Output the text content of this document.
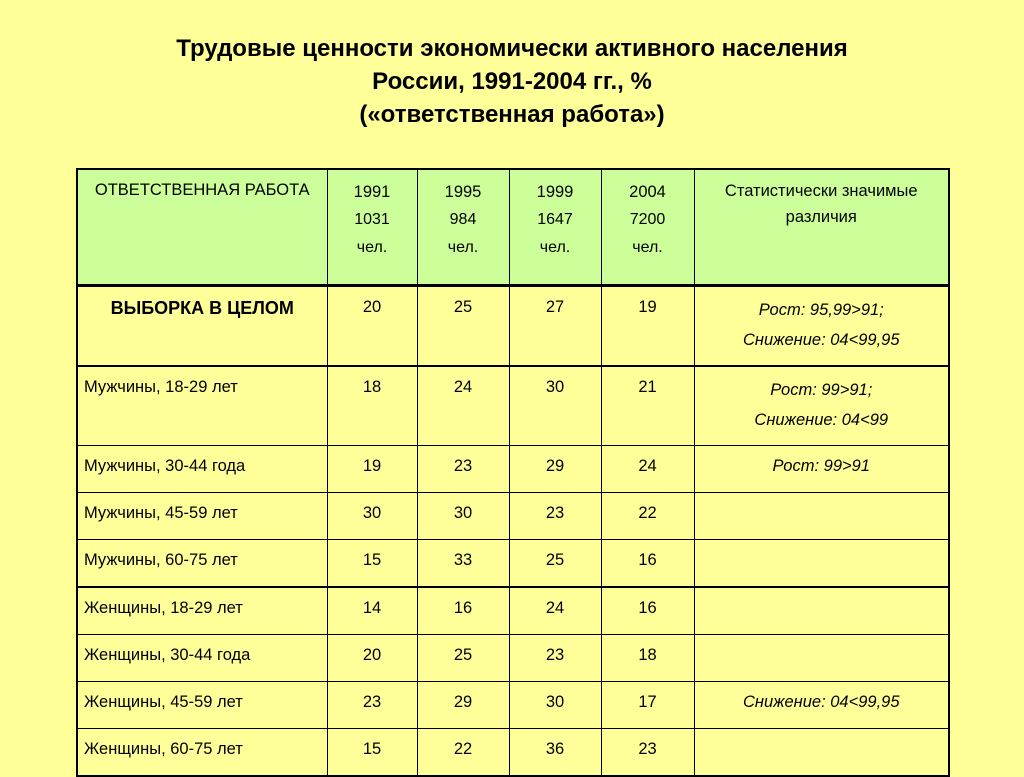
Трудовые ценности экономически активного населения
России, 1991-2004 гг., %
(«ответственная работа»)
ОТВЕТСТВЕННАЯ РАБОТА	1991
1031
чел.	1995
984
чел.	1999
1647
чел.	2004
7200
чел.	Статистически значимые различия
ВЫБОРКА В ЦЕЛОМ	20	25	27	19	Рост: 95,99>91;
Снижение: 04<99,95

Мужчины, 18-29 лет	18	24	30	21	Рост: 99>91;
Снижение: 04<99

Мужчины, 30-44 года	19	23	29	24	Рост: 99>91

Мужчины, 45-59 лет	30	30	23	22	
Мужчины, 60-75 лет	15	33	25	16	
Женщины, 18-29 лет	14	16	24	16	
Женщины, 30-44 года	20	25	23	18	
Женщины, 45-59 лет	23	29	30	17	Снижение: 04<99,95

Женщины, 60-75 лет	15	22	36	23	
